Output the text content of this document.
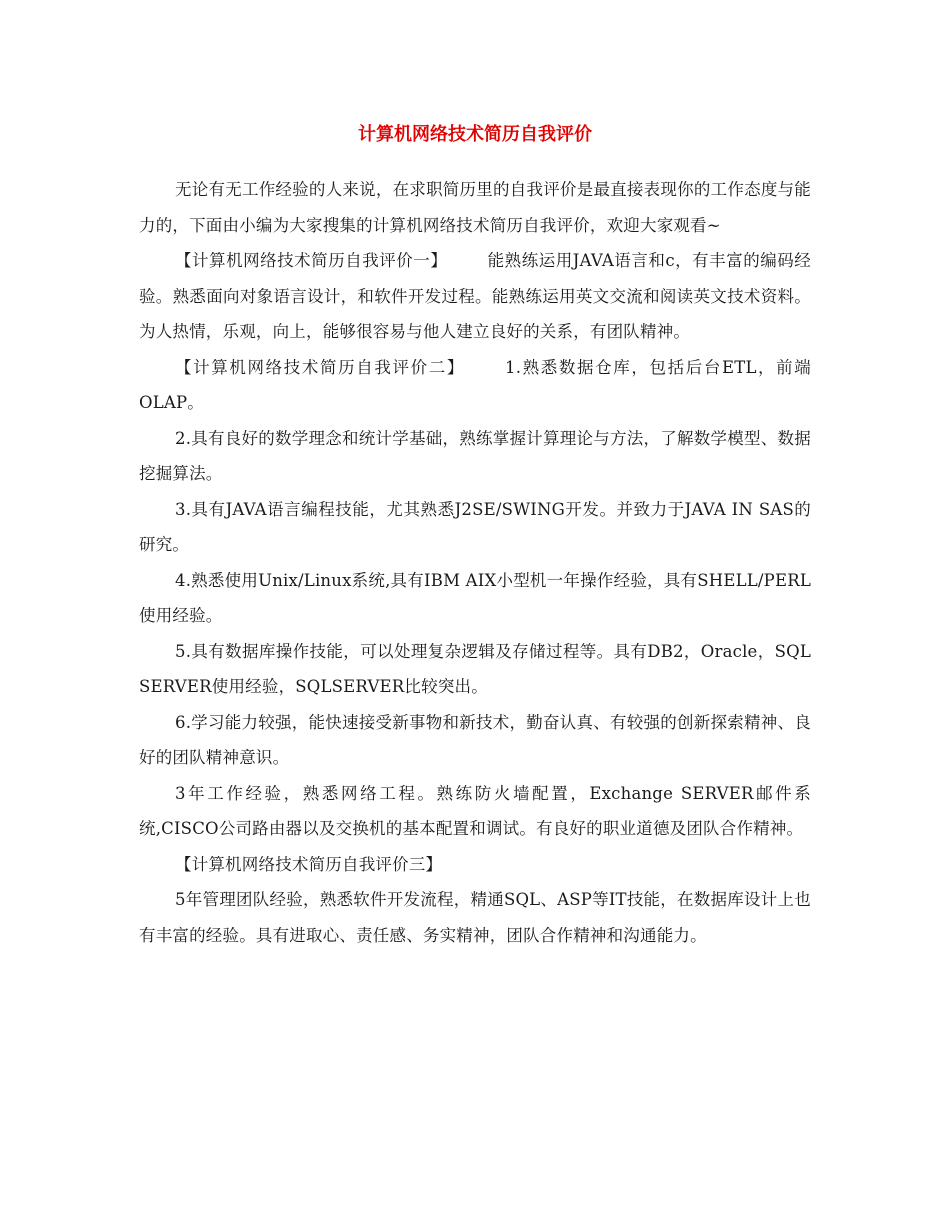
计算机网络技术简历自我评价

无论有无工作经验的人来说，在求职简历里的自我评价是最直接表现你的工作态度与能力的，下面由小编为大家搜集的计算机网络技术简历自我评价，欢迎大家观看~

【计算机网络技术简历自我评价一】 能熟练运用JAVA语言和c，有丰富的编码经验。熟悉面向对象语言设计，和软件开发过程。能熟练运用英文交流和阅读英文技术资料。为人热情，乐观，向上，能够很容易与他人建立良好的关系，有团队精神。

【计算机网络技术简历自我评价二】 1.熟悉数据仓库，包括后台ETL，前端OLAP。

2.具有良好的数学理念和统计学基础，熟练掌握计算理论与方法，了解数学模型、数据挖掘算法。

3.具有JAVA语言编程技能，尤其熟悉J2SE/SWING开发。并致力于JAVA IN SAS的研究。

4.熟悉使用Unix/Linux系统,具有IBM AIX小型机一年操作经验，具有SHELL/PERL使用经验。

5.具有数据库操作技能，可以处理复杂逻辑及存储过程等。具有DB2，Oracle，SQL SERVER使用经验，SQLSERVER比较突出。

6.学习能力较强，能快速接受新事物和新技术，勤奋认真、有较强的创新探索精神、良好的团队精神意识。

3年工作经验，熟悉网络工程。熟练防火墙配置，Exchange SERVER邮件系统,CISCO公司路由器以及交换机的基本配置和调试。有良好的职业道德及团队合作精神。

【计算机网络技术简历自我评价三】

5年管理团队经验，熟悉软件开发流程，精通SQL、ASP等IT技能，在数据库设计上也有丰富的经验。具有进取心、责任感、务实精神，团队合作精神和沟通能力。
